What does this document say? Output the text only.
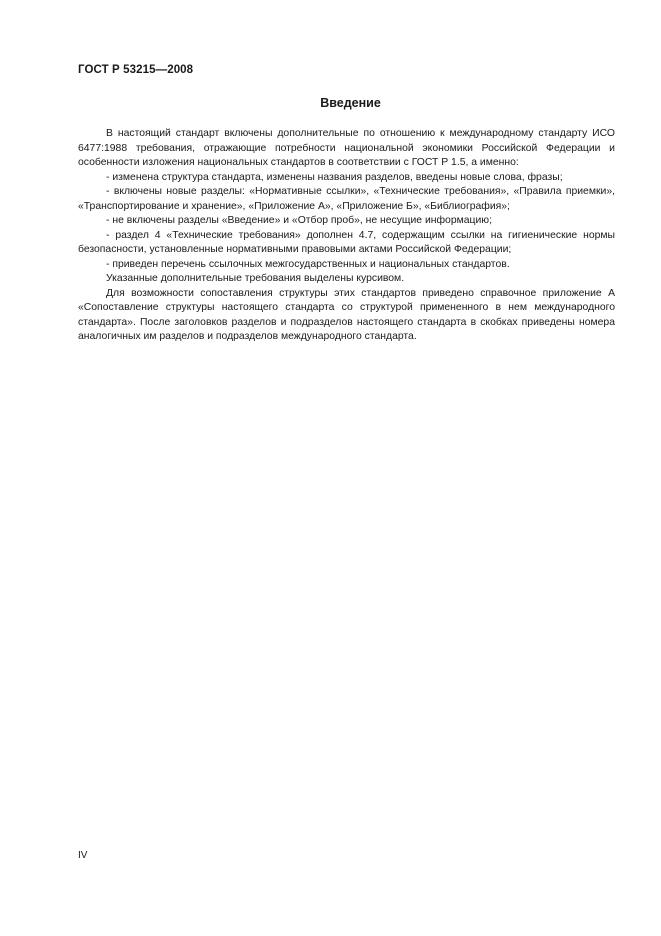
ГОСТ Р 53215—2008
Введение

В настоящий стандарт включены дополнительные по отношению к международному стандарту ИСО 6477:1988 требования, отражающие потребности национальной экономики Российской Федерации и особенности изложения национальных стандартов в соответствии с ГОСТ Р 1.5, а именно:

- изменена структура стандарта, изменены названия разделов, введены новые слова, фразы;

- включены новые разделы: «Нормативные ссылки», «Технические требования», «Правила приемки», «Транспортирование и хранение», «Приложение А», «Приложение Б», «Библиография»;

- не включены разделы «Введение» и «Отбор проб», не несущие информацию;

- раздел 4 «Технические требования» дополнен 4.7, содержащим ссылки на гигиенические нормы безопасности, установленные нормативными правовыми актами Российской Федерации;

- приведен перечень ссылочных межгосударственных и национальных стандартов.

Указанные дополнительные требования выделены курсивом.

Для возможности сопоставления структуры этих стандартов приведено справочное приложение А «Сопоставление структуры настоящего стандарта со структурой примененного в нем международного стандарта». После заголовков разделов и подразделов настоящего стандарта в скобках приведены номера аналогичных им разделов и подразделов международного стандарта.

IV
